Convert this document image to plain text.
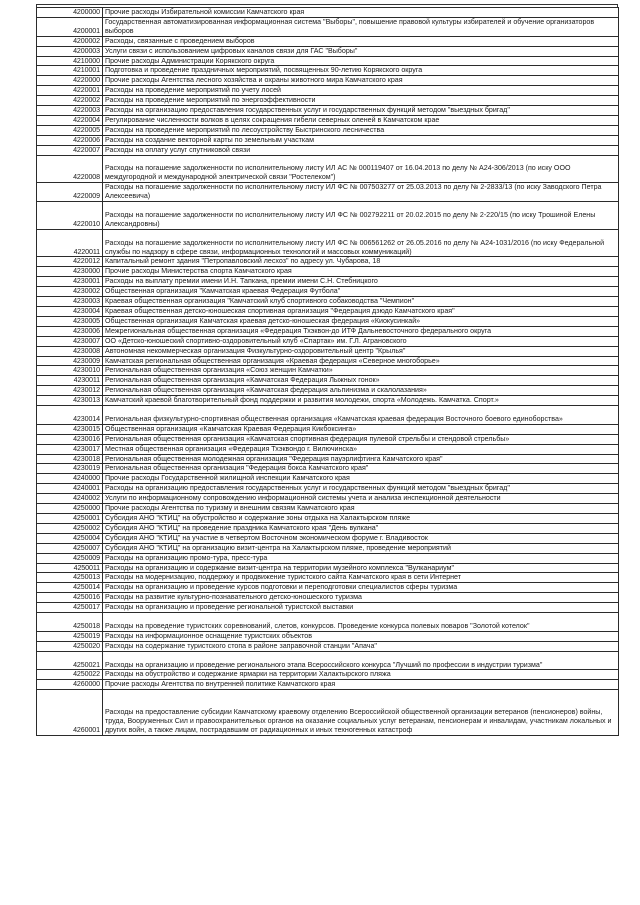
4200000	Прочие расходы Избирательной комиссии Камчатского края
4200001	Государственная автоматизированная информационная система "Выборы", повышение правовой культуры избирателей и обучение организаторов выборов
4200002	Расходы, связанные с проведением выборов
4200003	Услуги связи с использованием цифровых каналов связи для ГАС "Выборы"
4210000	Прочие расходы Администрации Корякского округа
4210001	Подготовка и проведение праздничных мероприятий, посвященных 90-летию Корякского округа
4220000	Прочие расходы Агентства лесного хозяйства и охраны животного мира Камчатского края
4220001	Расходы на проведение мероприятий по учету лосей
4220002	Расходы на проведение мероприятий по энергоэффективности
4220003	Расходы на организацию предоставления государственных услуг и государственных функций методом "выездных бригад"
4220004	Регулирование численности волков в целях сокращения гибели северных оленей в Камчатском крае
4220005	Расходы на проведение мероприятий по лесоустройству Быстринского лесничества
4220006	Расходы на создание векторной карты по земельным участкам
4220007	Расходы на оплату услуг спутниковой связи
4220008	Расходы на погашение задолженности по исполнительному листу ИЛ АС № 000119407 от 16.04.2013 по делу № А24-306/2013 (по иску ООО междугородной и международной электрической связи "Ростелеком")
4220009	Расходы на погашение задолженности по исполнительному листу ИЛ ФС № 007503277 от 25.03.2013 по делу № 2-2833/13 (по иску Заводского Петра Алексеевича)
4220010	Расходы на погашение задолженности по исполнительному листу ИЛ ФС № 002792211 от 20.02.2015 по делу № 2-220/15 (по иску Трошиной Елены Александровны)
4220011	Расходы на погашение задолженности по исполнительному листу ИЛ ФС № 006561262 от 26.05.2016 по делу № А24-1031/2016 (по иску Федеральной службы по надзору в сфере связи, информационных технологий и массовых коммуникаций)
4220012	Капитальный ремонт здания "Петропавловский лесхоз" по адресу ул. Чубарова, 18
4230000	Прочие расходы Министерства спорта Камчатского края
4230001	Расходы на выплату премии имени И.Н. Тапкана, премии имени С.Н. Стебницкого
4230002	Общественная организация "Камчатская краевая Федерация Футбола"
4230003	Краевая общественная организация "Камчатский клуб спортивного собаководства "Чемпион"
4230004	Краевая общественная детско-юношеская спортивная организация "Федерация дзюдо Камчатского края"
4230005	Общественная организация Камчатская краевая детско-юношеская федерация «Киокусинкай»
4230006	Межрегиональная общественная организация «Федерация Тхэквон-до ИТФ Дальневосточного федерального округа
4230007	ОО «Детско-юношеский спортивно-оздоровительный клуб «Спартак» им. Г.Л. Аграновского
4230008	Автономная некоммерческая организация Физкультурно-оздоровительный центр "Крылья"
4230009	Камчатская региональная общественная организация «Краевая федерация «Северное многоборье»
4230010	Региональная общественная организация «Союз женщин Камчатки»
4230011	Региональная общественная организация «Камчатская Федерация Лыжных гонок»
4230012	Региональная общественная организация «Камчатская федерация альпинизма и скалолазания»
4230013	Камчатский краевой благотворительный фонд поддержки и развития молодежи, спорта «Молодежь. Камчатка. Спорт.»
4230014	Региональная физкультурно-спортивная общественная организация «Камчатская краевая федерация Восточного боевого единоборства»
4230015	Общественная организация «Камчатская Краевая Федерация Кикбоксинга»
4230016	Региональная общественная организация «Камчатская спортивная федерация пулевой стрельбы и стендовой стрельбы»
4230017	Местная общественная организация «Федерация Тхэквондо г. Вилючинска»
4230018	Региональная общественная молодежная организация "Федерация пауэрлифтинга Камчатского края"
4230019	Региональная общественная организация "Федерация бокса Камчатского края"
4240000	Прочие расходы Государственной жилищной инспекции Камчатского края
4240001	Расходы на организацию предоставления государственных услуг и государственных функций методом "выездных бригад"
4240002	Услуги по информационному сопровождению информационной системы учета и анализа инспекционной деятельности
4250000	Прочие расходы Агентства по туризму и внешним связям Камчатского края
4250001	Субсидия АНО "КТИЦ" на обустройство и содержание зоны отдыха на Халактырском пляже
4250002	Субсидия АНО "КТИЦ" на проведение праздника Камчатского края "День вулкана"
4250004	Субсидия АНО "КТИЦ" на участие в четвертом Восточном экономическом форуме г. Владивосток
4250007	Субсидия АНО "КТИЦ" на организацию визит-центра на Халактырском пляже, проведение мероприятий
4250009	Расходы на организацию промо-тура, пресс-тура
4250011	Расходы на организацию и содержание визит-центра на территории музейного комплекса "Вулканариум"
4250013	Расходы на модернизацию, поддержку и продвижение туристского сайта Камчатского края в сети Интернет
4250014	Расходы на организацию и проведение курсов подготовки и переподготовки специалистов сферы туризма
4250016	Расходы на развитие культурно-познавательного детско-юношеского туризма
4250017	Расходы на организацию и проведение региональной туристской выставки
4250018	Расходы на проведение туристских соревнований, слетов, конкурсов. Проведение конкурса полевых поваров "Золотой котелок"
4250019	Расходы на информационное оснащение туристских объектов
4250020	Расходы на содержание туристского стопа в районе заправочной станции "Апача"
4250021	Расходы на организацию и проведение регионального этапа Всероссийского конкурса "Лучший по профессии в индустрии туризма"
4250022	Расходы на обустройство и содержание ярмарки на территории Халактырского пляжа
4260000	Прочие расходы Агентства по внутренней политике Камчатского края
4260001	Расходы на предоставление субсидии Камчатскому краевому отделению Всероссийской общественной организации ветеранов (пенсионеров) войны, труда, Вооруженных Сил и правоохранительных органов на оказание социальных услуг ветеранам, пенсионерам и инвалидам, участникам локальных и других войн, а также лицам, пострадавшим от радиационных и иных техногенных катастроф
